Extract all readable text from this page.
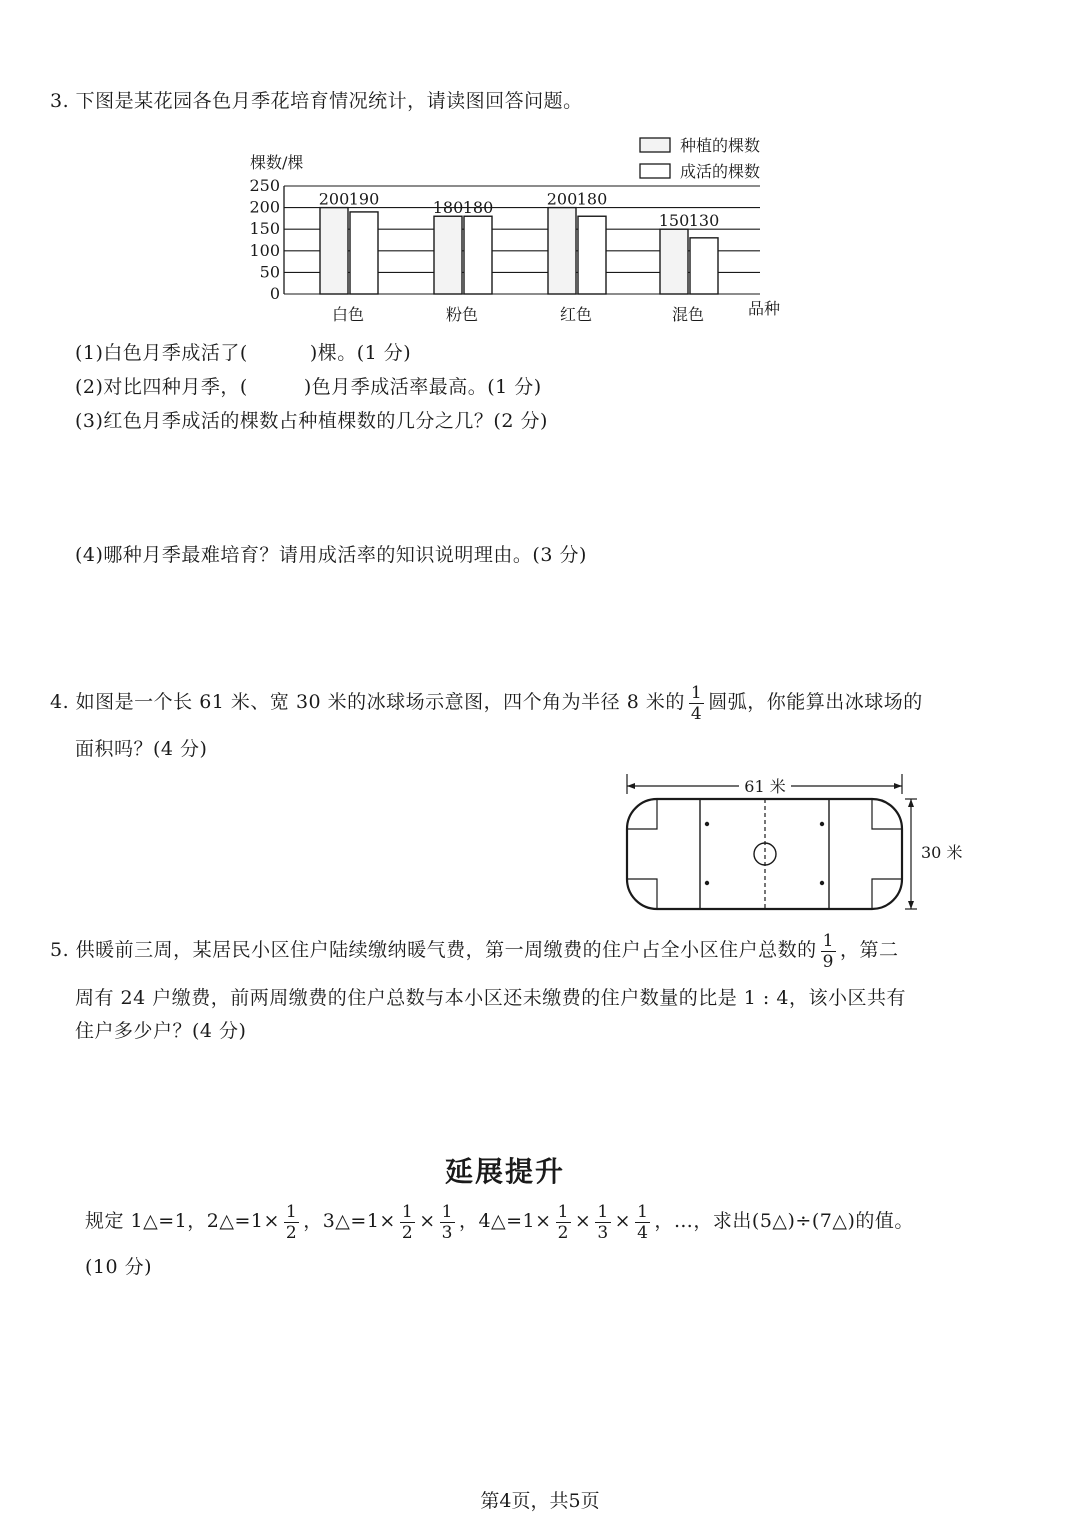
3. 下图是某花园各色月季花培育情况统计，请读图回答问题。
棵数/棵
250
200
150
100
50
0
200 190
白色
180 180
粉色
200 180
红色
150 130
混色	品种
种植的棵数
成活的棵数
(1)白色月季成活了(	)棵。(1 分)
(2)对比四种月季，(	)色月季成活率最高。(1 分)
(3)红色月季成活的棵数占种植棵数的几分之几？(2 分)
(4)哪种月季最难培育？请用成活率的知识说明理由。(3 分)
4. 如图是一个长 61 米、宽 30 米的冰球场示意图，四个角为半径 8 米的 $\frac{1}{4}$ 圆弧，你能算出冰球场的
面积吗？(4 分)
61 米
30 米
5. 供暖前三周，某居民小区住户陆续缴纳暖气费，第一周缴费的住户占全小区住户总数的 $\frac{1}{9}$ ，第二
周有 24 户缴费，前两周缴费的住户总数与本小区还未缴费的住户数量的比是 1 : 4，该小区共有
住户多少户？(4 分)
延展提升
规定 1△=1，2△=1× $\frac{1}{2}$ ，3△=1× $\frac{1}{2} \times \frac{1}{3}$ ，4△=1× $\frac{1}{2} \times \frac{1}{3} \times \frac{1}{4}$ ，…，求出(5△)÷(7△)的值。
(10 分)
第4页，共5页
